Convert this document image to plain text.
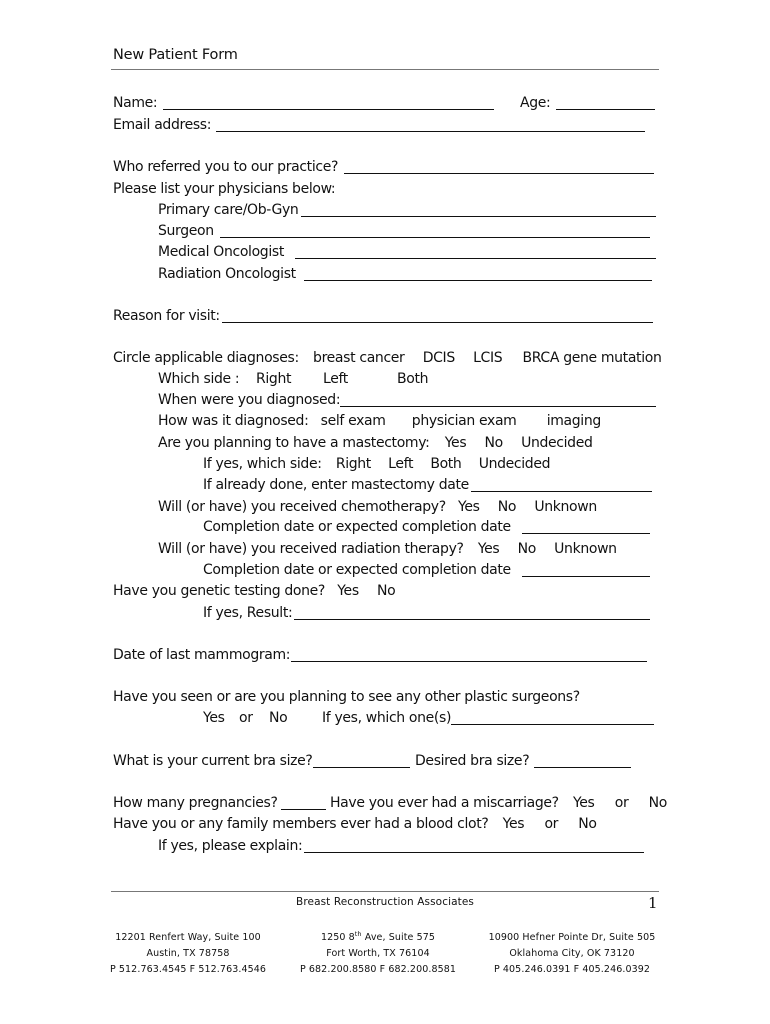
New Patient Form
Name:	Age:
Email address:
Who referred you to our practice?
Please list your physicians below:
Primary care/Ob-Gyn
Surgeon
Medical Oncologist
Radiation Oncologist
Reason for visit:
Circle applicable diagnoses: breast cancer DCIS LCIS BRCA gene mutation
Which side : Right Left	Both
When were you diagnosed:
How was it diagnosed: self exam physician exam imaging
Are you planning to have a mastectomy: Yes No Undecided
If yes, which side: Right Left Both Undecided
If already done, enter mastectomy date
Will (or have) you received chemotherapy? Yes No Unknown
Completion date or expected completion date
Will (or have) you received radiation therapy? Yes No Unknown
Completion date or expected completion date
Have you genetic testing done? Yes No
If yes, Result:
Date of last mammogram:
Have you seen or are you planning to see any other plastic surgeons?
Yes or No If yes, which one(s)
What is your current bra size?	Desired bra size?
How many pregnancies?	Have you ever had a miscarriage? Yes or No
Have you or any family members ever had a blood clot? Yes or No
If yes, please explain:
Breast Reconstruction Associates	1
12201 Renfert Way, Suite 100
Austin, TX 78758
P 512.763.4545 F 512.763.4546
1250 8th Ave, Suite 575
Fort Worth, TX 76104
P 682.200.8580 F 682.200.8581
10900 Hefner Pointe Dr, Suite 505
Oklahoma City, OK 73120
P 405.246.0391 F 405.246.0392
